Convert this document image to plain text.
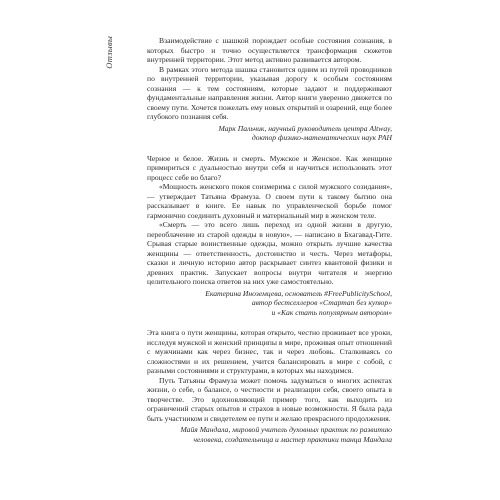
Отзывы	Взаимодействие с шашкой порождает особые состояния сознания, в которых быстро и точно осуществляется трансформация сюжетов внутренней территории. Этот метод активно развивается автором.

В рамках этого метода шашка становится одним из путей проводников по внутренней территории, указывая дорогу к особым состояниям сознания — к тем состояниям, которые задают и поддерживают фундаментальные направления жизни. Автор книги уверенно движется по своему пути. Хочется пожелать ему новых открытий и озарений, еще более глубокого познания себя.

Марк Пальчик, научный руководитель центра Altway,
доктор физико-математических наук РАН

Черное и белое. Жизнь и смерть. Мужское и Женское. Как женщине примириться с дуальностью внутри себя и научиться использовать этот процесс себе во благо?

«Мощность женского покоя соизмерима с силой мужского созидания», — утверждает Татьяна Фрамуза. О своем пути к такому бытию она рассказывает в книге. Ее навык по управленческой борьбе помог гармонично соединить духовный и материальный мир в женском теле.

«Смерть — это всего лишь переход из одной жизни в другую, переоблачение из старой одежды в новую», — написано в Бхагавад-Гите. Срывая старые воинственные одежды, можно открыть лучшие качества женщины — ответственность, достоинство и честь. Через метафоры, сказки и личную историю автор раскрывает синтез квантовой физики и древних практик. Запускает вопросы внутри читателя и энергию целительного поиска ответов на них уже самостоятельно.

Екатерина Иноземцева, основатель #FreePublicitySchool,
автор бестселлеров «Стартап без купюр»
и «Как стать популярным автором»

Эта книга о пути женщины, которая открыто, честно проживает все уроки, исследуя мужской и женский принципы в мире, проживая опыт отношений с мужчинами как через бизнес, так и через любовь. Сталкиваясь со сложностями и их решением, учится балансировать в мире с собой, с разными состояниями и структурами, в которых мы находимся.

Путь Татьяны Фрамуза может помочь задуматься о многих аспектах жизни, о себе, о балансе, о честности и реализации себя, своего опыта в творчестве. Это вдохновляющий пример того, как выходить из ограничений старых опытов и страхов в новые возможности. Я была рада быть участником и свидетелем ее пути и желаю прекрасного продолжения.

Майя Мандала, мировой учитель духовных практик по развитию
человека, создательница и мастер практики танца Мандала
